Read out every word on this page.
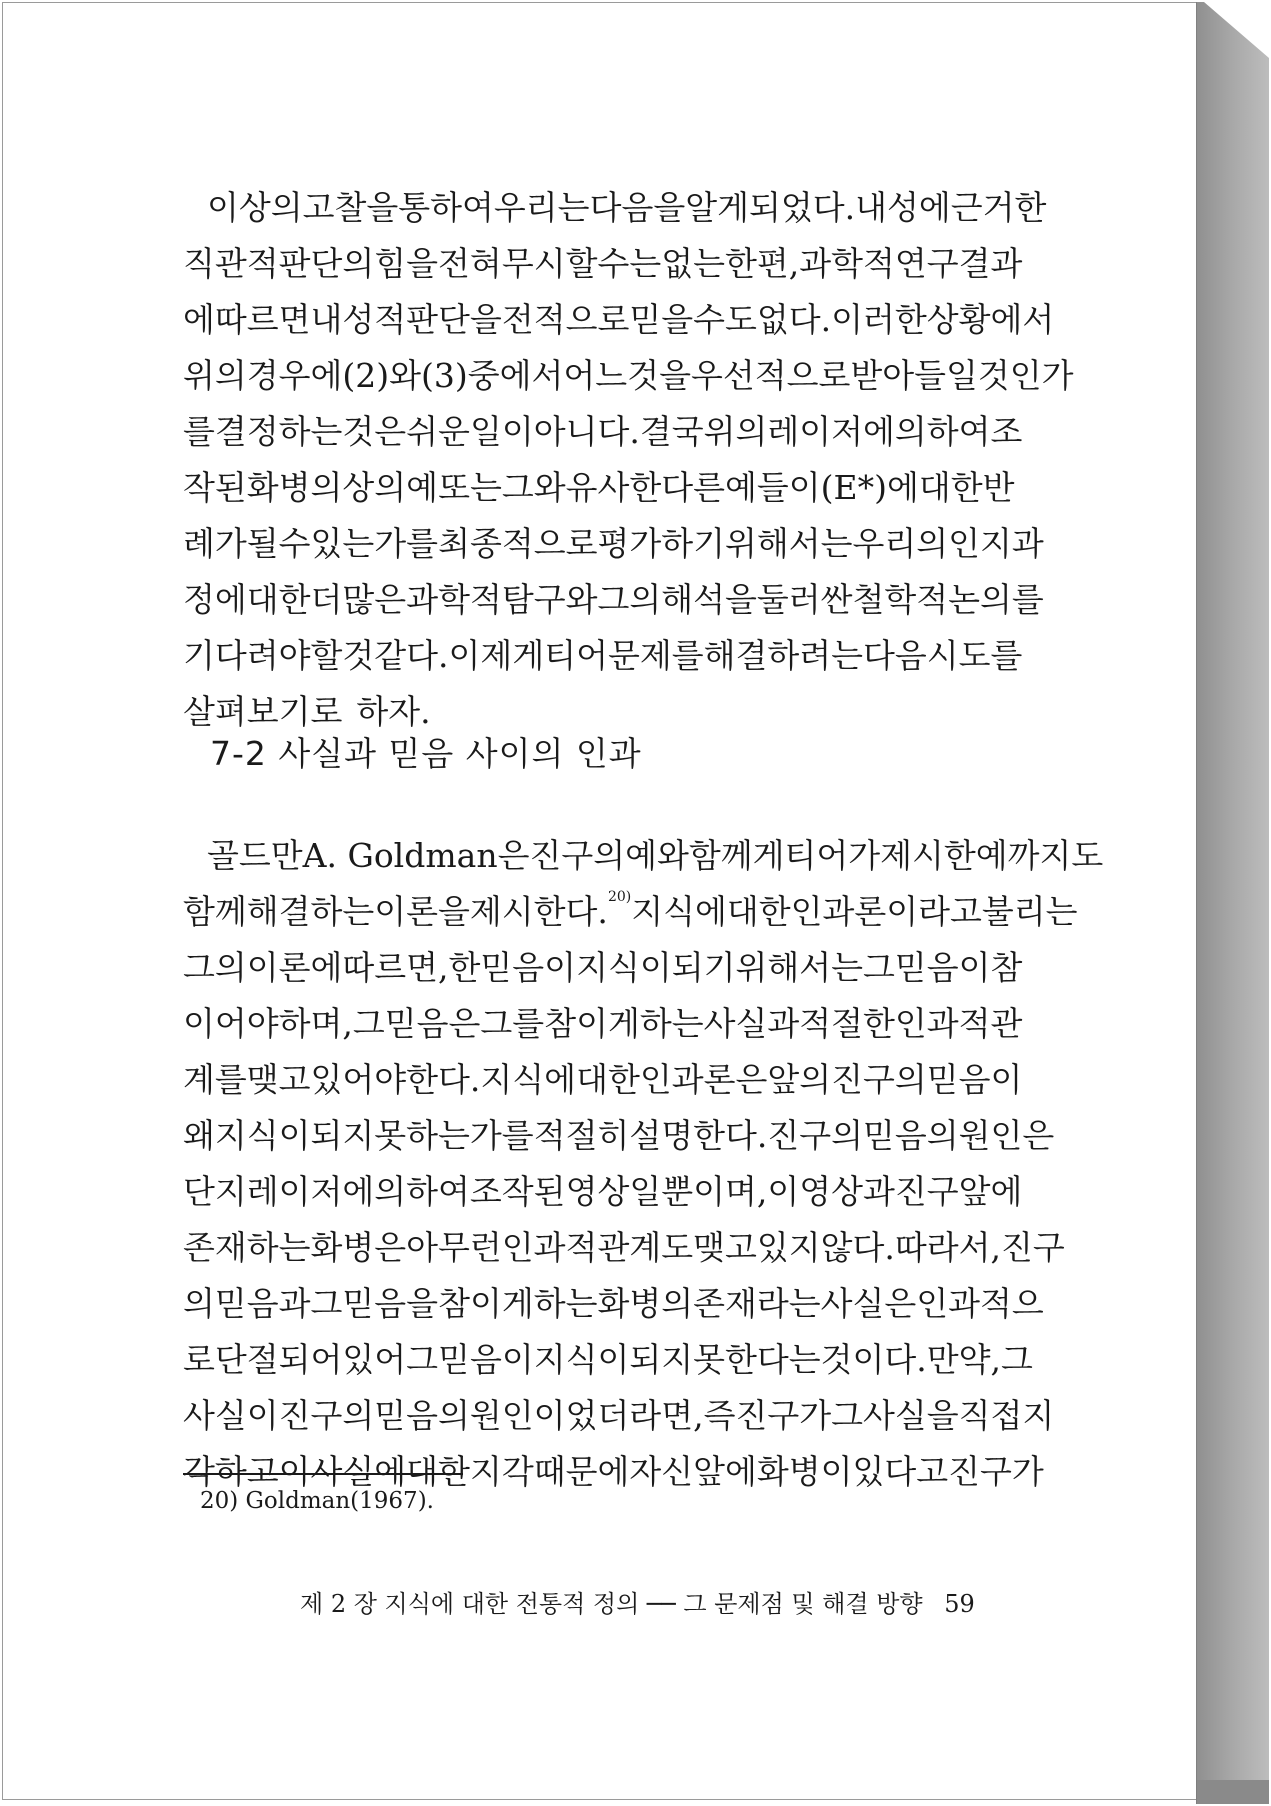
이상의 고찰을 통하여 우리는 다음을 알게 되었다. 내성에 근거한
직관적 판단의 힘을 전혀 무시할 수는 없는 한편, 과학적 연구 결과
에 따르면 내성적 판단을 전적으로 믿을 수도 없다. 이러한 상황에서
위의 경우에 (2)와 (3) 중에서 어느 것을 우선적으로 받아들일 것인가
를 결정하는 것은 쉬운 일이 아니다. 결국 위의 레이저에 의하여 조
작된 화병의 상의 예 또는 그와 유사한 다른 예들이 (E*)에 대한 반
례가 될 수 있는가를 최종적으로 평가하기 위해서는 우리의 인지 과
정에 대한 더 많은 과학적 탐구와 그의 해석을 둘러싼 철학적 논의를
기다려야 할 것 같다. 이제 게티어 문제를 해결하려는 다음 시도를
살펴보기로 하자.
7-2 사실과 믿음 사이의 인과
골드만 A. Goldman은 진구의 예와 함께 게티어가 제시한 예까지도
함께 해결하는 이론을 제시한다.$^{20)}$ 지식에 대한 인과론이라고 불리는
그의 이론에 따르면, 한 믿음이 지식이 되기 위해서는 그 믿음이 참
이어야 하며, 그 믿음은 그를 참이게 하는 사실과 적절한 인과적 관
계를 맺고 있어야 한다. 지식에 대한 인과론은 앞의 진구의 믿음이
왜 지식이 되지 못하는가를 적절히 설명한다. 진구의 믿음의 원인은
단지 레이저에 의하여 조작된 영상일 뿐이며, 이 영상과 진구 앞에
존재하는 화병은 아무런 인과적 관계도 맺고 있지 않다. 따라서, 진구
의 믿음과 그 믿음을 참이게 하는 화병의 존재라는 사실은 인과적으
로 단절되어 있어 그 믿음이 지식이 되지 못한다는 것이다. 만약, 그
사실이 진구의 믿음의 원인이었더라면, 즉 진구가 그 사실을 직접 지
각하고 이 사실에 대한 지각 때문에 자신 앞에 화병이 있다고 진구가
20) Goldman(1967).
제 2 장 지식에 대한 전통적 정의 ── 그 문제점 및 해결 방향 59
